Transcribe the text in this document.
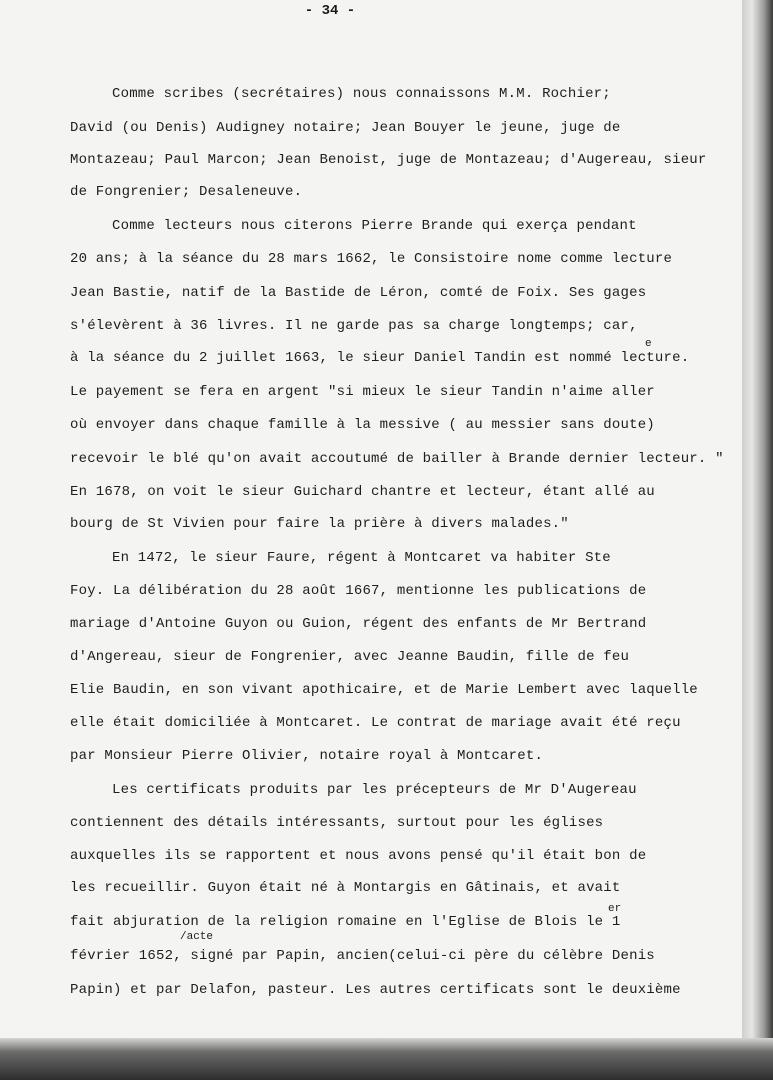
- 34 -
Comme scribes (secrétaires) nous connaissons M.M. Rochier;
David (ou Denis) Audigney notaire; Jean Bouyer le jeune, juge de
Montazeau; Paul Marcon; Jean Benoist, juge de Montazeau; d'Augereau, sieur
de Fongrenier; Desaleneuve.
Comme lecteurs nous citerons Pierre Brande qui exerça pendant
20 ans; à la séance du 28 mars 1662, le Consistoire nome comme lecture
Jean Bastie, natif de la Bastide de Léron, comté de Foix. Ses gages
s'élevèrent à 36 livres. Il ne garde pas sa charge longtemps; car,
à la séance du 2 juillet 1663, le sieur Daniel Tandin est nommé lecture.
e
Le payement se fera en argent "si mieux le sieur Tandin n'aime aller
où envoyer dans chaque famille à la messive ( au messier sans doute)
recevoir le blé qu'on avait accoutumé de bailler à Brande dernier lecteur. "
En 1678, on voit le sieur Guichard chantre et lecteur, étant allé au
bourg de St Vivien pour faire la prière à divers malades."
En 1472, le sieur Faure, régent à Montcaret va habiter Ste
Foy. La délibération du 28 août 1667, mentionne les publications de
mariage d'Antoine Guyon ou Guion, régent des enfants de Mr Bertrand
d'Angereau, sieur de Fongrenier, avec Jeanne Baudin, fille de feu
Elie Baudin, en son vivant apothicaire, et de Marie Lembert avec laquelle
elle était domiciliée à Montcaret. Le contrat de mariage avait été reçu
par Monsieur Pierre Olivier, notaire royal à Montcaret.
Les certificats produits par les précepteurs de Mr D'Augereau
contiennent des détails intéressants, surtout pour les églises
auxquelles ils se rapportent et nous avons pensé qu'il était bon de
les recueillir. Guyon était né à Montargis en Gâtinais, et avait
fait abjuration de la religion romaine en l'Eglise de Blois le 1
er
/acte
février 1652, signé par Papin, ancien(celui-ci père du célèbre Denis
Papin) et par Delafon, pasteur. Les autres certificats sont le deuxième
